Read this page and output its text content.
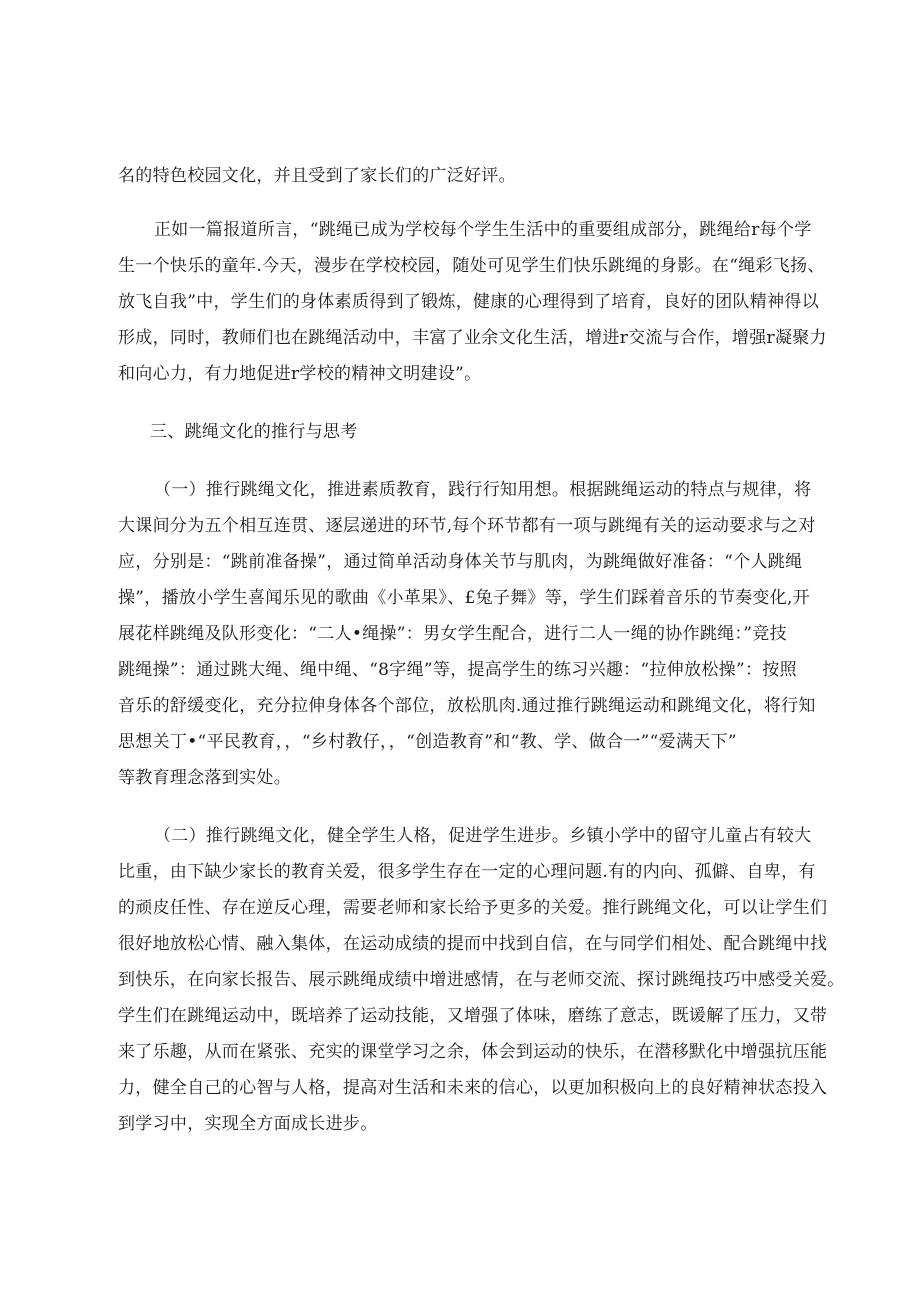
名的特色校园文化，并且受到了家长们的广泛好评。

正如一篇报道所言，“跳绳已成为学校每个学生生活中的重要组成部分，跳绳给r每个学
生一个快乐的童年.今天，漫步在学校校园，随处可见学生们快乐跳绳的身影。在“绳彩飞扬、
放飞自我”中，学生们的身体素质得到了锻炼，健康的心理得到了培育，良好的团队精神得以
形成，同时，教师们也在跳绳活动中，丰富了业余文化生活，增进r交流与合作，增强r凝聚力
和向心力，有力地促进r学校的精神文明建设”。

三、跳绳文化的推行与思考

（一）推行跳绳文化，推进素质教育，践行行知用想。根据跳绳运动的特点与规律，将
大课间分为五个相互连贯、逐层递进的环节,每个环节都有一项与跳绳有关的运动要求与之对
应，分别是：“跳前准备操”，通过简单活动身体关节与肌肉，为跳绳做好准备：“个人跳绳
操”，播放小学生喜闻乐见的歌曲《小革果》、£兔子舞》等，学生们踩着音乐的节奏变化,开
展花样跳绳及队形变化：“二人•绳操”：男女学生配合，进行二人一绳的协作跳绳：”竞技
跳绳操”：通过跳大绳、绳中绳、“8字绳”等，提高学生的练习兴趣：“拉伸放松操”：按照
音乐的舒缓变化，充分拉伸身体各个部位，放松肌肉.通过推行跳绳运动和跳绳文化，将行知
思想关丁•“平民教育，，“乡村教仔，，“创造教育”和“教、学、做合一”“爱满天下”
等教育理念落到实处。

（二）推行跳绳文化，健全学生人格，促进学生进步。乡镇小学中的留守儿童占有较大
比重，由下缺少家长的教育关爱，很多学生存在一定的心理问题.有的内向、孤僻、自卑，有
的顽皮任性、存在逆反心理，需要老师和家长给予更多的关爱。推行跳绳文化，可以让学生们
很好地放松心情、融入集体，在运动成绩的提而中找到自信，在与同学们相处、配合跳绳中找
到快乐，在向家长报告、展示跳绳成绩中增进感情，在与老师交流、探讨跳绳技巧中感受关爱。
学生们在跳绳运动中，既培养了运动技能，又增强了体味，磨练了意志，既谖解了压力，又带
来了乐趣，从而在紧张、充实的课堂学习之余，体会到运动的快乐，在潜移默化中增强抗压能
力，健全自己的心智与人格，提高对生活和未来的信心，以更加积极向上的良好精神状态投入
到学习中，实现全方面成长进步。
